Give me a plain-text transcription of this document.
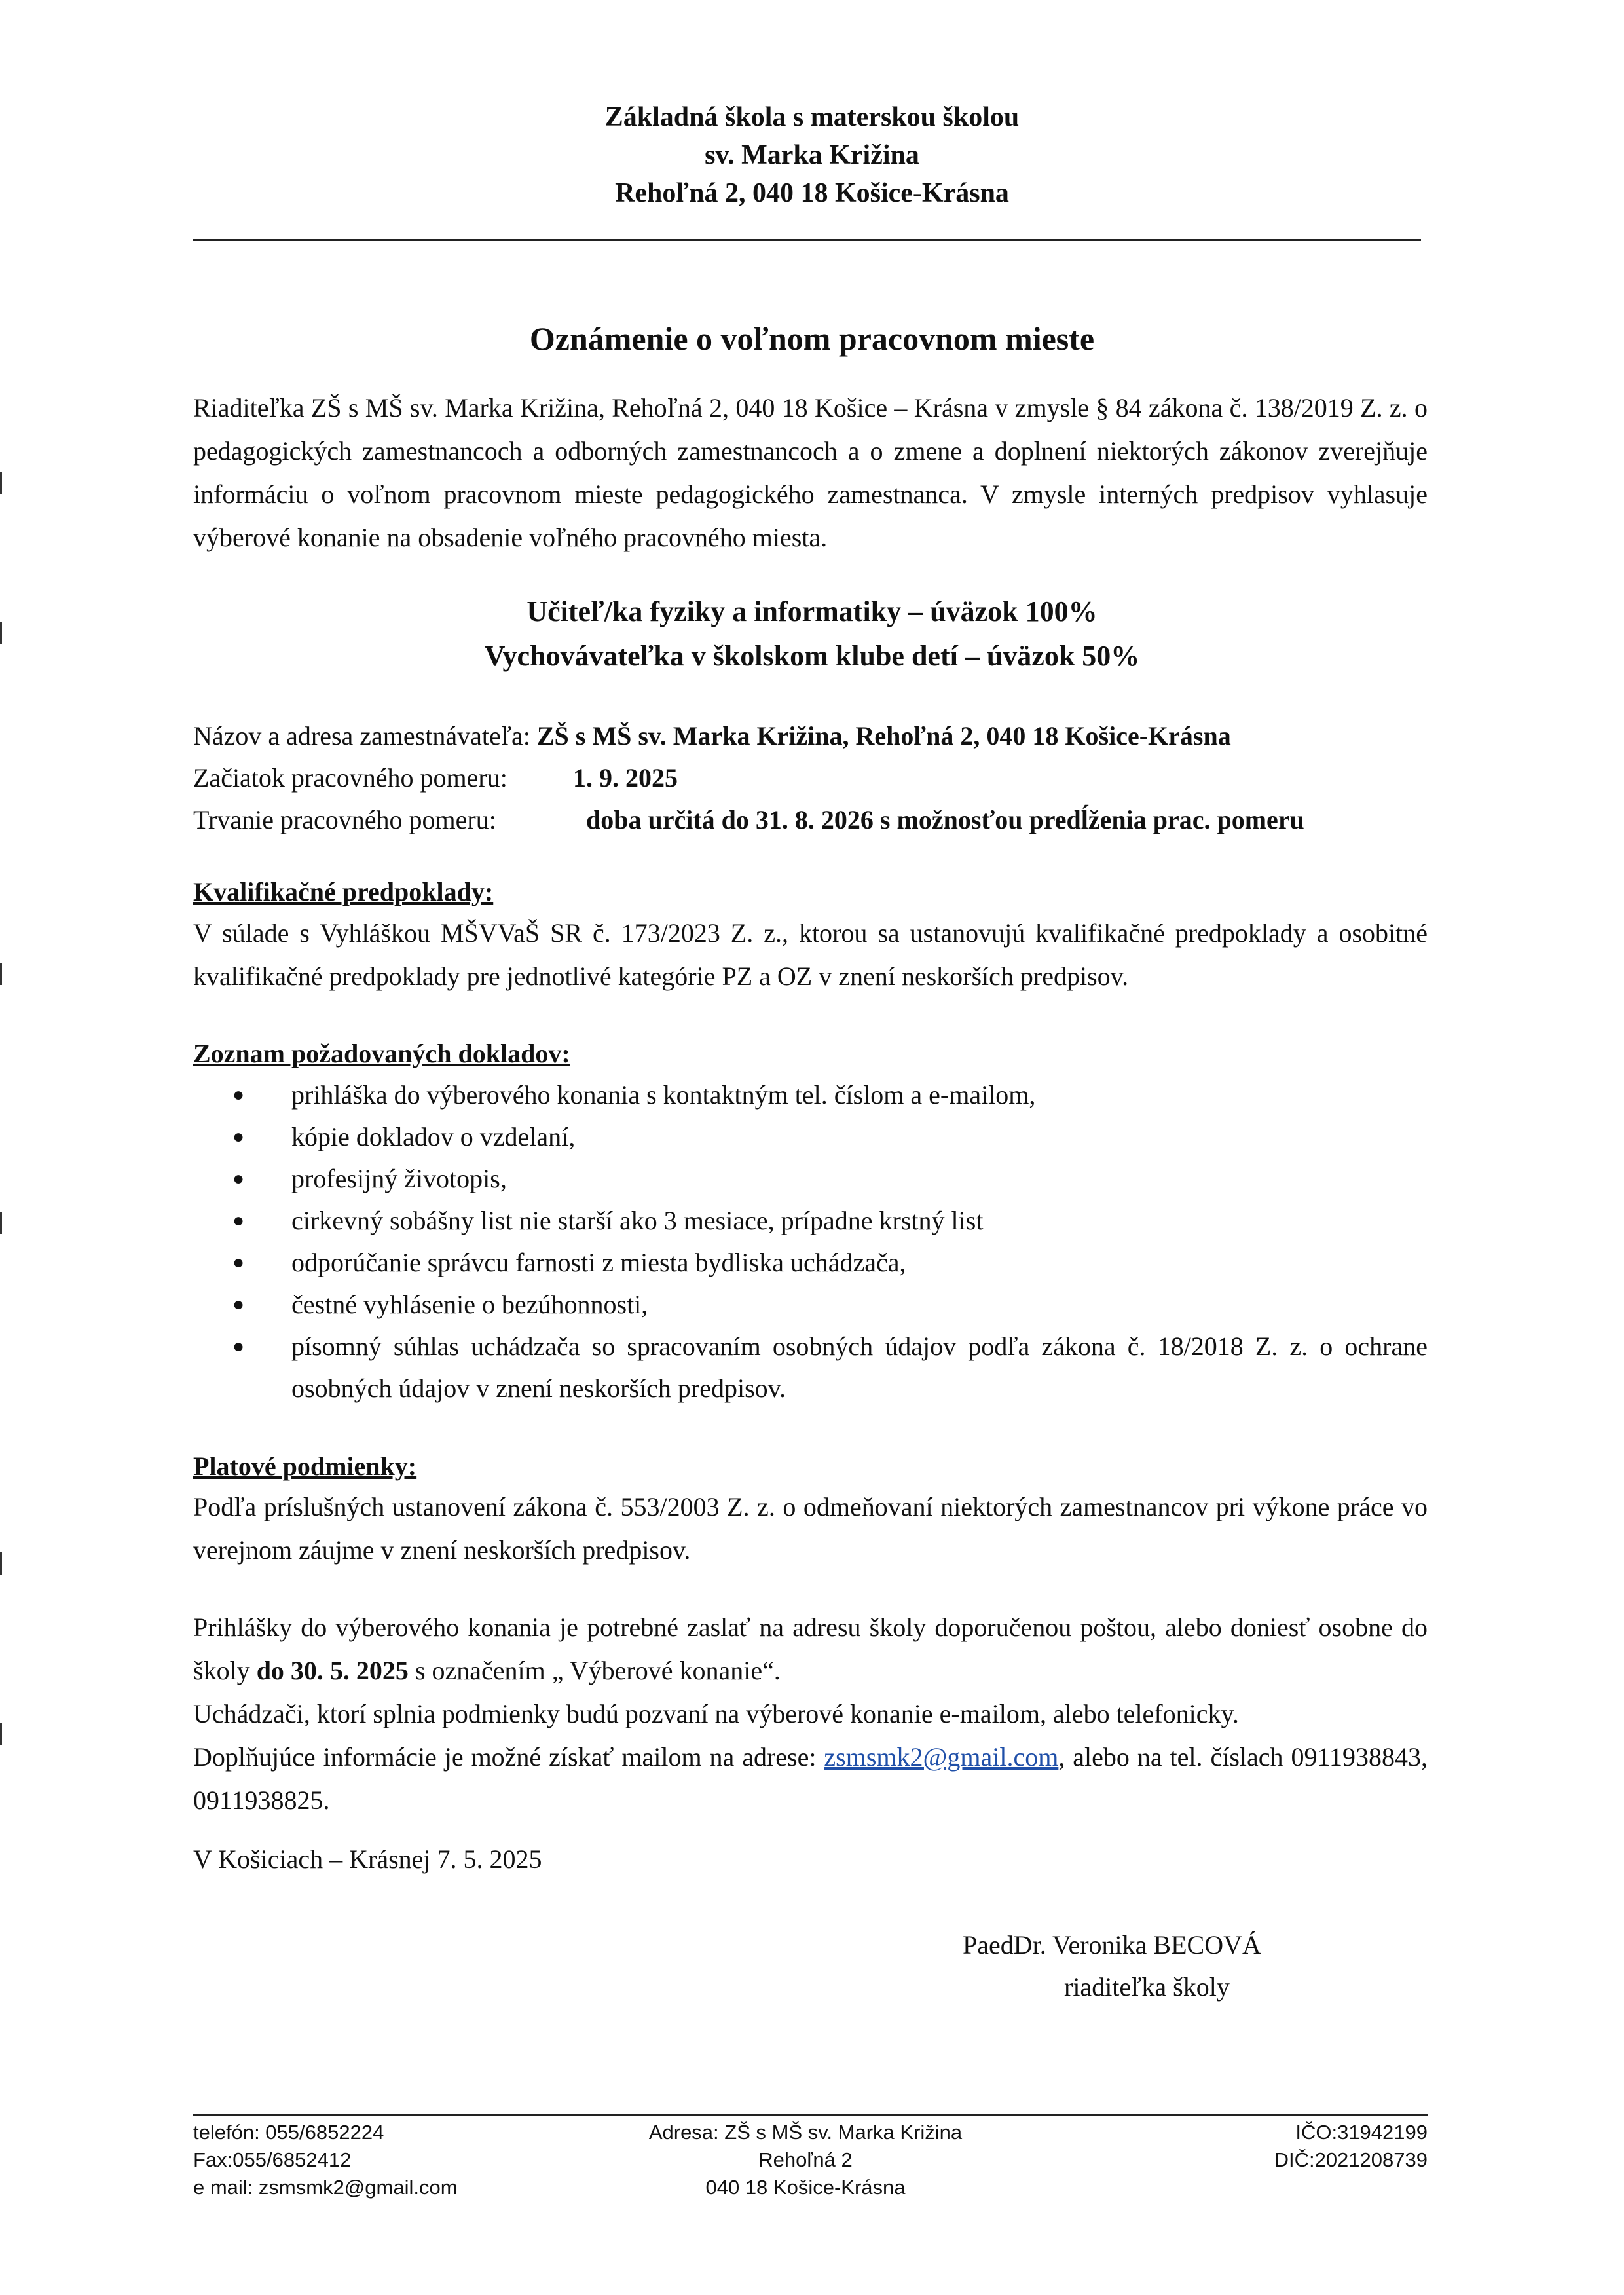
Základná škola s materskou školou
sv. Marka Križina
Rehoľná 2, 040 18 Košice-Krásna
Oznámenie o voľnom pracovnom mieste
Riaditeľka ZŠ s MŠ sv. Marka Križina, Rehoľná 2, 040 18 Košice – Krásna v zmysle § 84 zákona č. 138/2019 Z. z. o pedagogických zamestnancoch a odborných zamestnancoch a o zmene a doplnení niektorých zákonov zverejňuje informáciu o voľnom pracovnom mieste pedagogického zamestnanca. V zmysle interných predpisov vyhlasuje výberové konanie na obsadenie voľného pracovného miesta.
Učiteľ/ka fyziky a informatiky – úväzok 100%
Vychovávateľka v školskom klube detí – úväzok 50%
Názov a adresa zamestnávateľa:
ZŠ s MŠ sv. Marka Križina, Rehoľná 2, 040 18 Košice-Krásna
Začiatok pracovného pomeru:	1. 9. 2025
Trvanie pracovného pomeru:	doba určitá do 31. 8. 2026 s možnosťou predĺženia prac. pomeru
Kvalifikačné predpoklady:
V súlade s Vyhláškou MŠVVaŠ SR č. 173/2023 Z. z., ktorou sa ustanovujú kvalifikačné predpoklady a osobitné kvalifikačné predpoklady pre jednotlivé kategórie PZ a OZ v znení neskorších predpisov.
Zoznam požadovaných dokladov:
●	prihláška do výberového konania s kontaktným tel. číslom a e-mailom,
●	kópie dokladov o vzdelaní,
●	profesijný životopis,
●	cirkevný sobášny list nie starší ako 3 mesiace, prípadne krstný list
●	odporúčanie správcu farnosti z miesta bydliska uchádzača,
●	čestné vyhlásenie o bezúhonnosti,
●	písomný súhlas uchádzača so spracovaním osobných údajov podľa zákona č. 18/2018 Z. z. o ochrane osobných údajov v znení neskorších predpisov.
Platové podmienky:
Podľa príslušných ustanovení zákona č. 553/2003 Z. z. o odmeňovaní niektorých zamestnancov pri výkone práce vo verejnom záujme v znení neskorších predpisov.
Prihlášky do výberového konania je potrebné zaslať na adresu školy doporučenou poštou, alebo doniesť osobne do školy do 30. 5. 2025 s označením „ Výberové konanie“.
Uchádzači, ktorí splnia podmienky budú pozvaní na výberové konanie e-mailom, alebo telefonicky.
Doplňujúce informácie je možné získať mailom na adrese: zsmsmk2@gmail.com, alebo na tel. číslach 0911938843, 0911938825.
V Košiciach – Krásnej 7. 5. 2025
PaedDr. Veronika BECOVÁ
riaditeľka školy
telefón: 055/6852224
Fax:055/6852412
e mail: zsmsmk2@gmail.com
Adresa: ZŠ s MŠ sv. Marka Križina
Rehoľná 2
040 18 Košice-Krásna
IČO:31942199
DIČ:2021208739
